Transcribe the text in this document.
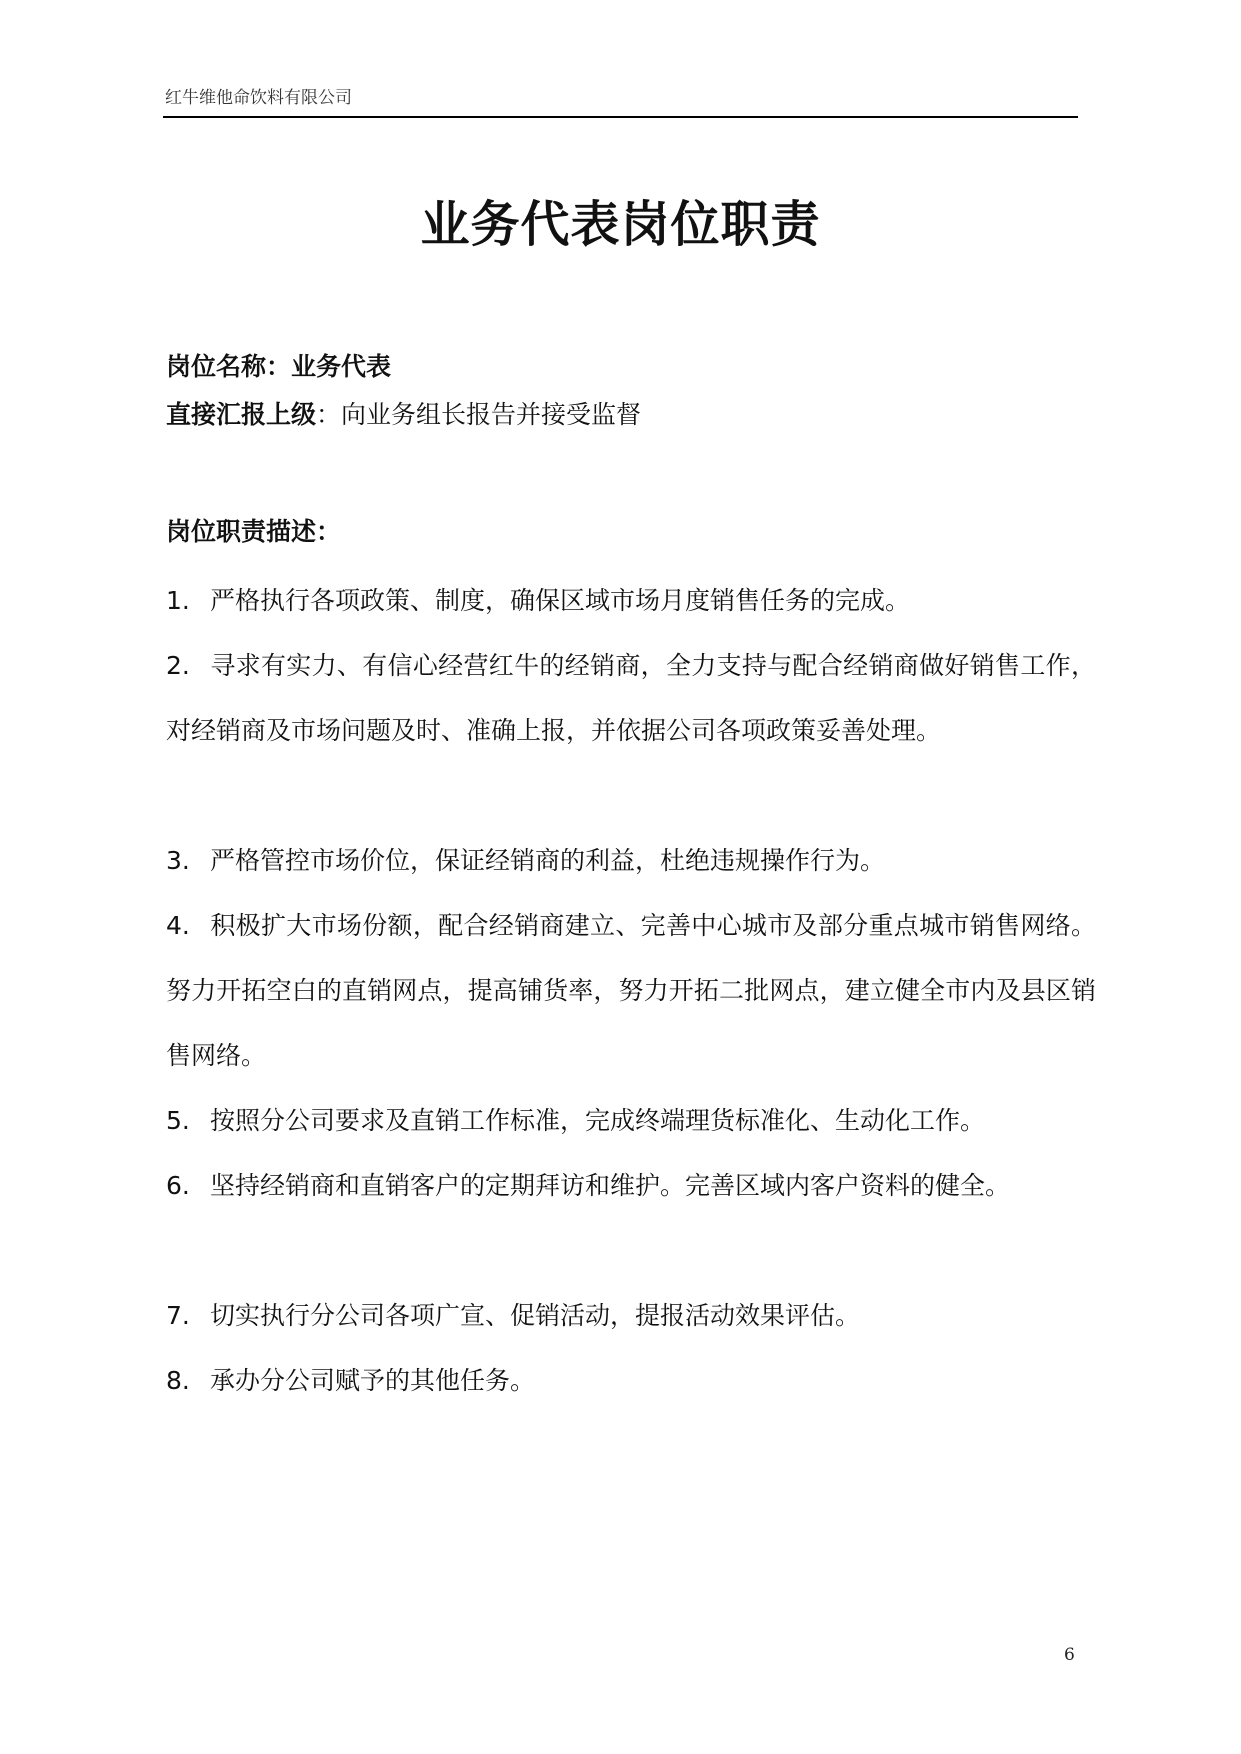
红牛维他命饮料有限公司
业务代表岗位职责
岗位名称：业务代表
直接汇报上级：向业务组长报告并接受监督
岗位职责描述：
1. 严格执行各项政策、制度，确保区域市场月度销售任务的完成。
2. 寻求有实力、有信心经营红牛的经销商，全力支持与配合经销商做好销售工作，对经销商及市场问题及时、准确上报，并依据公司各项政策妥善处理。
3. 严格管控市场价位，保证经销商的利益，杜绝违规操作行为。
4. 积极扩大市场份额，配合经销商建立、完善中心城市及部分重点城市销售网络。努力开拓空白的直销网点，提高铺货率，努力开拓二批网点，建立健全市内及县区销售网络。
5. 按照分公司要求及直销工作标准，完成终端理货标准化、生动化工作。
6. 坚持经销商和直销客户的定期拜访和维护。完善区域内客户资料的健全。
7. 切实执行分公司各项广宣、促销活动，提报活动效果评估。
8. 承办分公司赋予的其他任务。
6
